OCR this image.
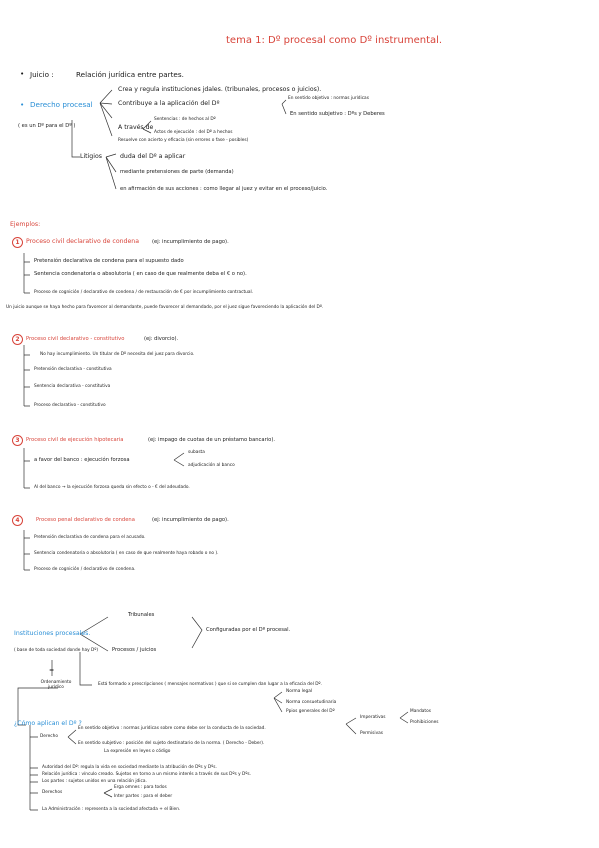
tema 1: Dº procesal como Dº instrumental.
• Juicio :	Relación jurídica entre partes.
• Derecho procesal
( es un Dº para el Dº )
Crea y regula instituciones jdales. (tribunales, procesos o juicios).
Contribuye a la aplicación del Dº
En sentido objetivo : normas jurídicas
En sentido subjetivo : Dºs y Deberes
A través de
Sentencias : de hechos al Dº
Actos de ejecución : del Dº a hechos
Resuelve con acierto y eficacia (sin errores o fase - posibles)
Litigios	duda del Dº a aplicar
mediante pretensiones de parte (demanda)
en afirmación de sus acciones : como llegar al juez y evitar en el proceso/juicio.
Ejemplos:
1	Proceso civil declarativo de condena	(ej: incumplimiento de pago).
Pretensión declarativa de condena para el supuesto dado
Sentencia condenatoria o absolutoria ( en caso de que realmente deba el € o no).
Proceso de cognición / declarativo de condena / de restauración de € por incumplimiento contractual.
Un juicio aunque se haya hecho para favorecer al demandante, puede favorecer al demandado, por el juez sigue favoreciendo la aplicación del Dº.
2	Proceso civil declarativo - constitutivo	(ej: divorcio).
No hay incumplimiento. Un titular de Dº necesita del juez para divorcio.
Pretensión declarativa - constitutiva
Sentencia declarativa - constitutiva
Proceso declarativo - constitutivo
3	Proceso civil de ejecución hipotecaria	(ej: impago de cuotas de un préstamo bancario).
a favor del banco : ejecución forzosa
subasta
adjudicación al banco
Al del banco → la ejecución forzosa queda sin efecto o - € del adeudado.
4	Proceso penal declarativo de condena	(ej: incumplimiento de pago).
Pretensión declarativa de condena para el acusado.
Sentencia condenatoria o absolutoria ( en caso de que realmente haya robado o no ).
Proceso de cognición / declarativo de condena.
Instituciones procesales.
( base de toda sociedad donde hay Dº)
=
Ordenamiento jurídico
Tribunales
Procesos / juicios
Configuradas por el Dº procesal.
Está formado x prescripciones ( mensajes normativos ) que si se cumplen dan lugar a la eficacia del Dº.
Norma legal
Norma consuetudinaria
Ppios generales del Dº
¿Cómo aplican el Dº ?
Derecho
En sentido objetivo : normas jurídicas sobre como debe ser la conducta de la sociedad.
Imperativas
Mandatos
Prohibiciones
Permisivas
En sentido subjetivo : posición del sujeto destinatario de la norma. ( Derecho - Deber).
La expresión en leyes o código
Autoridad del Dº: regula la vida en sociedad mediante la atribución de Dºs y Dºs.
Relación jurídica : vínculo creado. Sujetos en torno a un mismo interés a través de sus Dºs y Dºs.
Los partes : sujetos unidos en una relación jdica.
Derechos
Erga omnes : para todos
Inter partes : para el deber
La Administración : representa a la sociedad afectada + el Bien.
